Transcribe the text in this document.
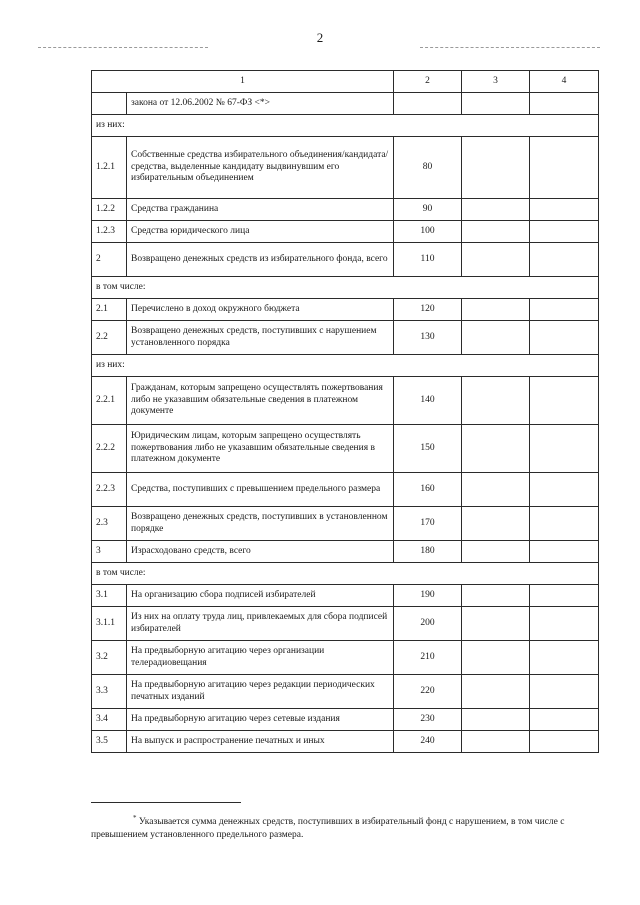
2
1		2	3	4
	закона от 12.06.2002 № 67-ФЗ <*>			
из них:				
1.2.1	Собственные средства избирательного объединения/кандидата/средства, выделенные кандидату выдвинувшим его избирательным объединением	80		
1.2.2	Средства гражданина	90		
1.2.3	Средства юридического лица	100		
2	Возвращено денежных средств из избирательного фонда, всего	110		
в том числе:				
2.1	Перечислено в доход окружного бюджета	120		
2.2	Возвращено денежных средств, поступивших с нарушением установленного порядка	130		
из них:				
2.2.1	Гражданам, которым запрещено осуществлять пожертвования либо не указавшим обязательные сведения в платежном документе	140		
2.2.2	Юридическим лицам, которым запрещено осуществлять пожертвования либо не указавшим обязательные сведения в платежном документе	150		
2.2.3	Средства, поступивших с превышением предельного размера	160		
2.3	Возвращено денежных средств, поступивших в установленном порядке	170		
3	Израсходовано средств, всего	180		
в том числе:				
3.1	На организацию сбора подписей избирателей	190		
3.1.1	Из них на оплату труда лиц, привлекаемых для сбора подписей избирателей	200		
3.2	На предвыборную агитацию через организации телерадиовещания	210		
3.3	На предвыборную агитацию через редакции периодических печатных изданий	220		
3.4	На предвыборную агитацию через сетевые издания	230		
3.5	На выпуск и распространение печатных и иных	240		
* Указывается сумма денежных средств, поступивших в избирательный фонд с нарушением, в том числе с превышением установленного предельного размера.
